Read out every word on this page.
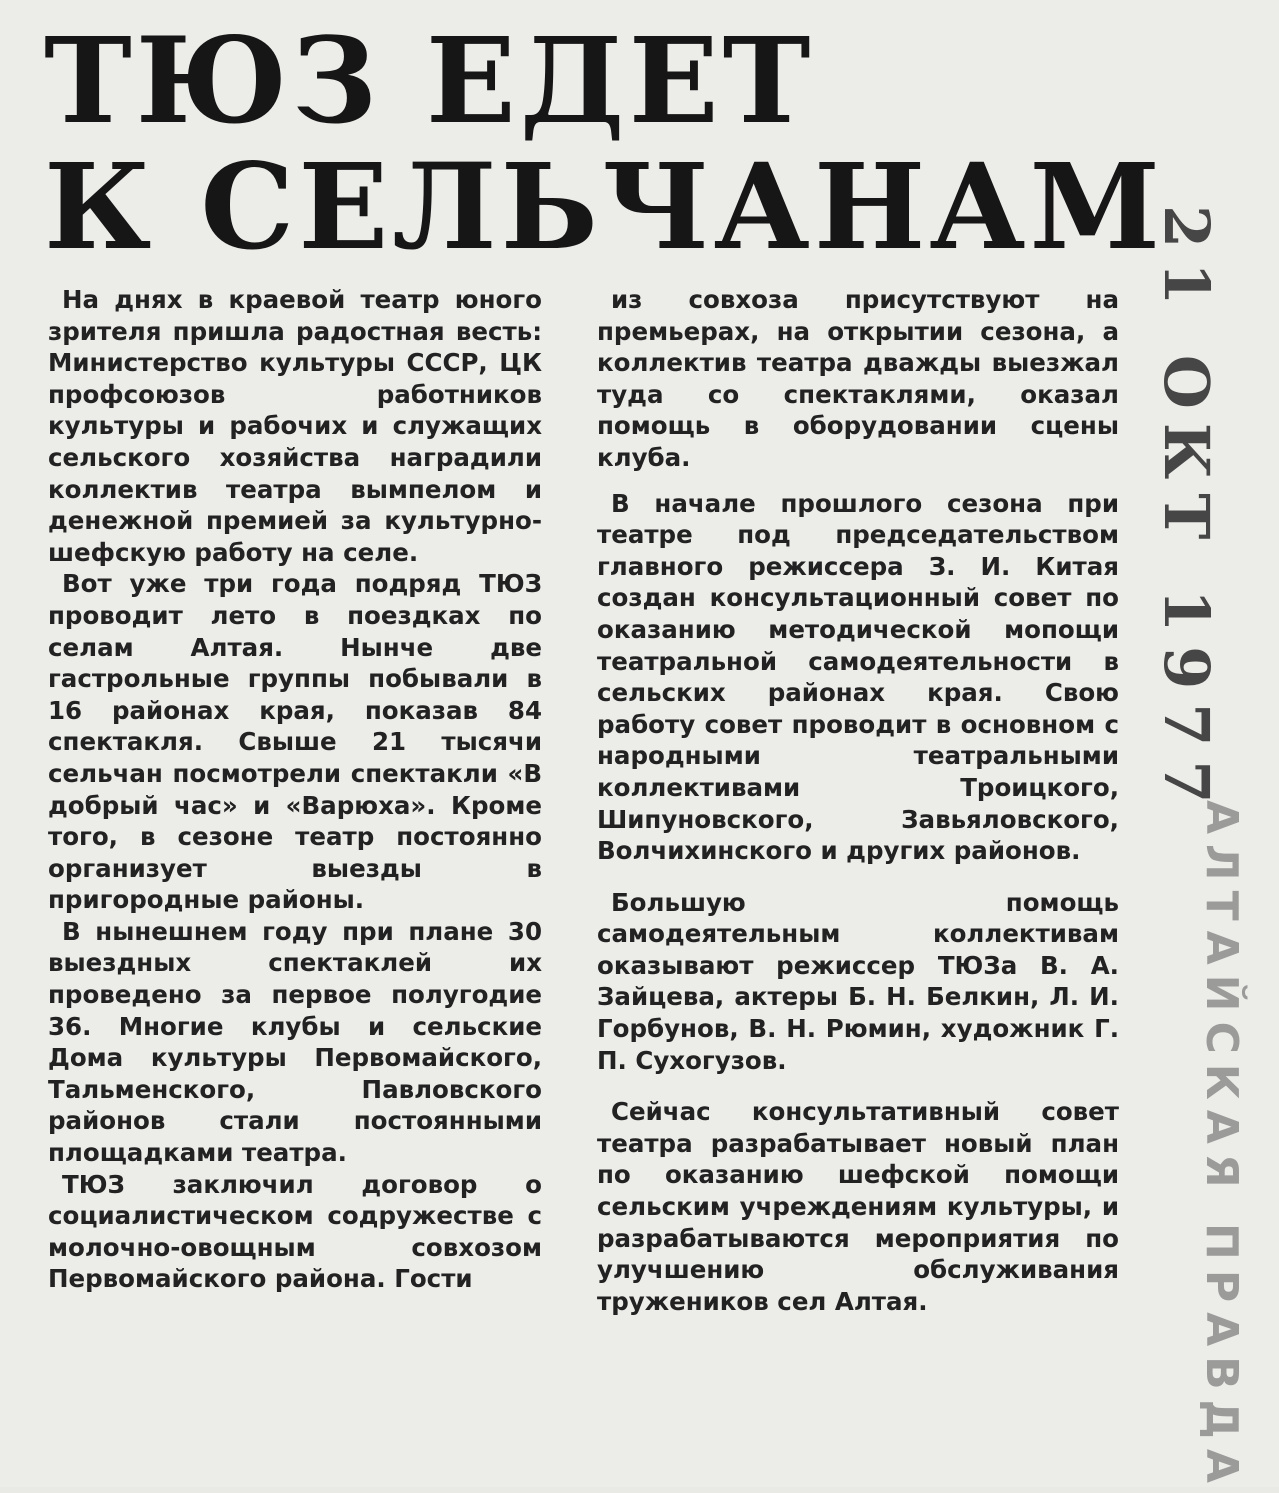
ТЮЗ ЕДЕТ
К СЕЛЬЧАНАМ

На днях в краевой театр юного зрителя пришла радостная весть: Министерство культуры СССР, ЦК профсоюзов работников культуры и рабочих и служащих сельского хозяйства наградили коллектив театра вымпелом и денежной премией за культурно-шефскую работу на селе.

Вот уже три года подряд ТЮЗ проводит лето в поездках по селам Алтая. Нынче две гастрольные группы побывали в 16 районах края, показав 84 спектакля. Свыше 21 тысячи сельчан посмотрели спектакли «В добрый час» и «Варюха». Кроме того, в сезоне театр постоянно организует выезды в пригородные районы.

В нынешнем году при плане 30 выездных спектаклей их проведено за первое полугодие 36. Многие клубы и сельские Дома культуры Первомайского, Тальменского, Павловского районов стали постоянными площадками театра.

ТЮЗ заключил договор о социалистическом содружестве с молочно-овощным совхозом Первомайского района. Гости

из совхоза присутствуют на премьерах, на открытии сезона, а коллектив театра дважды выезжал туда со спектаклями, оказал помощь в оборудовании сцены клуба.

В начале прошлого сезона при театре под председательством главного режиссера З. И. Китая создан консультационный совет по оказанию методической мопощи театральной самодеятельности в сельских районах края. Свою работу совет проводит в основном с народными театральными коллективами Троицкого, Шипуновского, Завьяловского, Волчихинского и других районов.

Большую помощь самодеятельным коллективам оказывают режиссер ТЮЗа В. А. Зайцева, актеры Б. Н. Белкин, Л. И. Горбунов, В. Н. Рюмин, художник Г. П. Сухогузов.

Сейчас консультативный совет театра разрабатывает новый план по оказанию шефской помощи сельским учреждениям культуры, и разрабатываются мероприятия по улучшению обслуживания тружеников сел Алтая.

21 ОКТ 1977
АЛТАЙСКАЯ ПРАВДА
